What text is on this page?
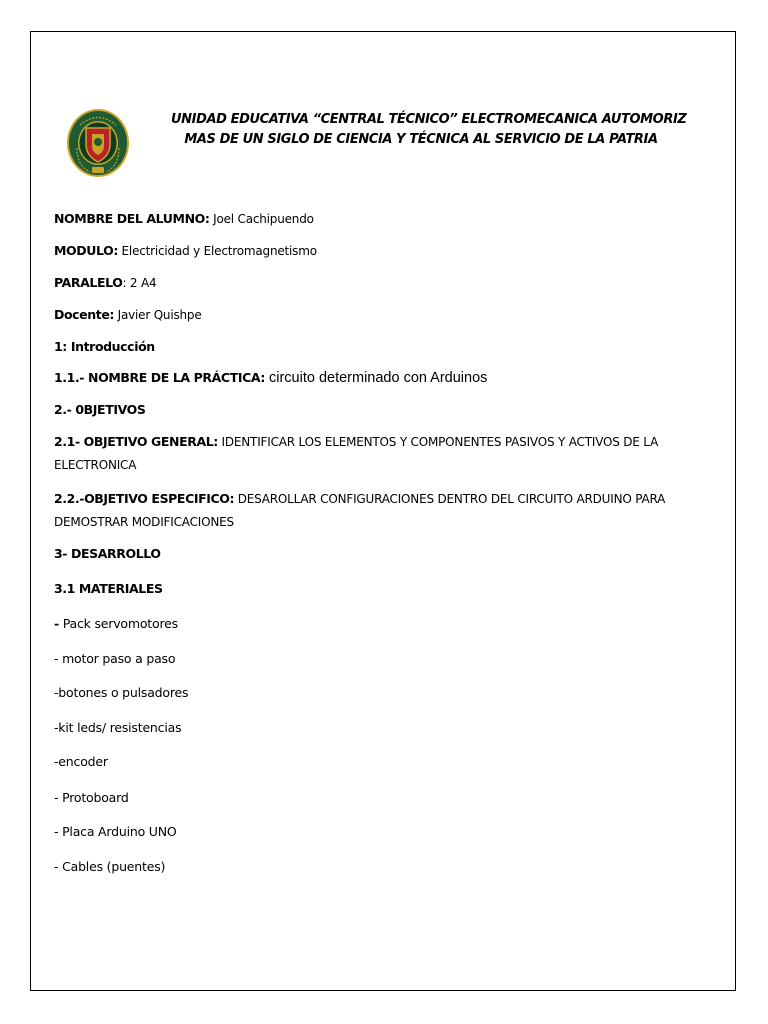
UNIDAD EDUCATIVA “CENTRAL TÉCNICO” ELECTROMECANICA AUTOMORIZ
MAS DE UN SIGLO DE CIENCIA Y TÉCNICA AL SERVICIO DE LA PATRIA
NOMBRE DEL ALUMNO: Joel Cachipuendo
MODULO: Electricidad y Electromagnetismo
PARALELO: 2 A4
Docente: Javier Quishpe
1: Introducción
1.1.- NOMBRE DE LA PRÁCTICA: circuito determinado con Arduinos
2.- 0BJETIVOS
2.1- OBJETIVO GENERAL: IDENTIFICAR LOS ELEMENTOS Y COMPONENTES PASIVOS Y ACTIVOS DE LA ELECTRONICA
2.2.-OBJETIVO ESPECIFICO: DESAROLLAR CONFIGURACIONES DENTRO DEL CIRCUITO ARDUINO PARA DEMOSTRAR MODIFICACIONES
3- DESARROLLO
3.1 MATERIALES
- Pack servomotores
- motor paso a paso
-botones o pulsadores
-kit leds/ resistencias
-encoder
- Protoboard
- Placa Arduino UNO
- Cables (puentes)
